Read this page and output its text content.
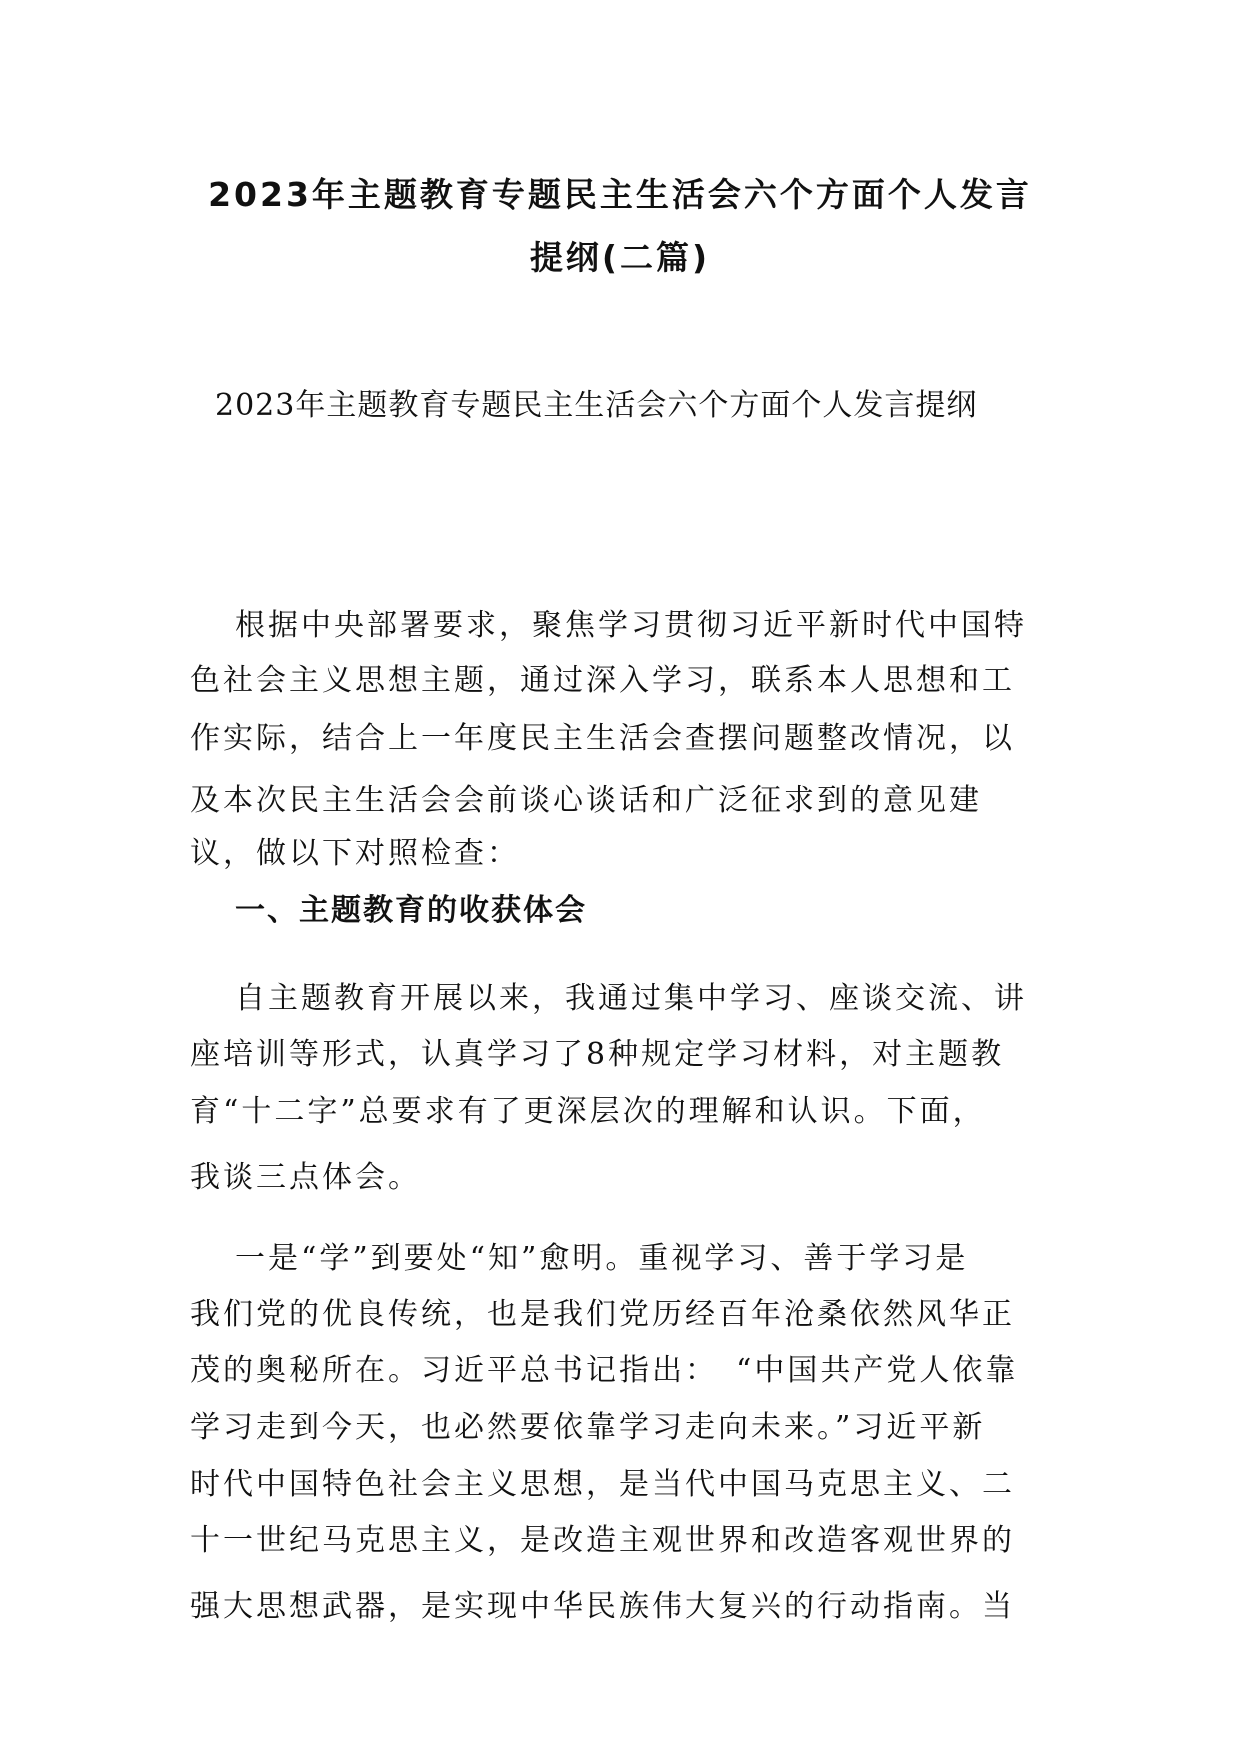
2023年主题教育专题民主生活会六个方面个人发言
提纲(二篇)
2023年主题教育专题民主生活会六个方面个人发言提纲
根据中央部署要求，聚焦学习贯彻习近平新时代中国特
色社会主义思想主题，通过深入学习，联系本人思想和工
作实际，结合上一年度民主生活会查摆问题整改情况，以
及本次民主生活会会前谈心谈话和广泛征求到的意见建
议，做以下对照检查：
一、主题教育的收获体会
自主题教育开展以来，我通过集中学习、座谈交流、讲
座培训等形式，认真学习了8种规定学习材料，对主题教
育“十二字”总要求有了更深层次的理解和认识。下面，
我谈三点体会。
一是“学”到要处“知”愈明。重视学习、善于学习是
我们党的优良传统，也是我们党历经百年沧桑依然风华正
茂的奥秘所在。习近平总书记指出：　“中国共产党人依靠
学习走到今天，也必然要依靠学习走向未来。”习近平新
时代中国特色社会主义思想，是当代中国马克思主义、二
十一世纪马克思主义，是改造主观世界和改造客观世界的
强大思想武器，是实现中华民族伟大复兴的行动指南。当
